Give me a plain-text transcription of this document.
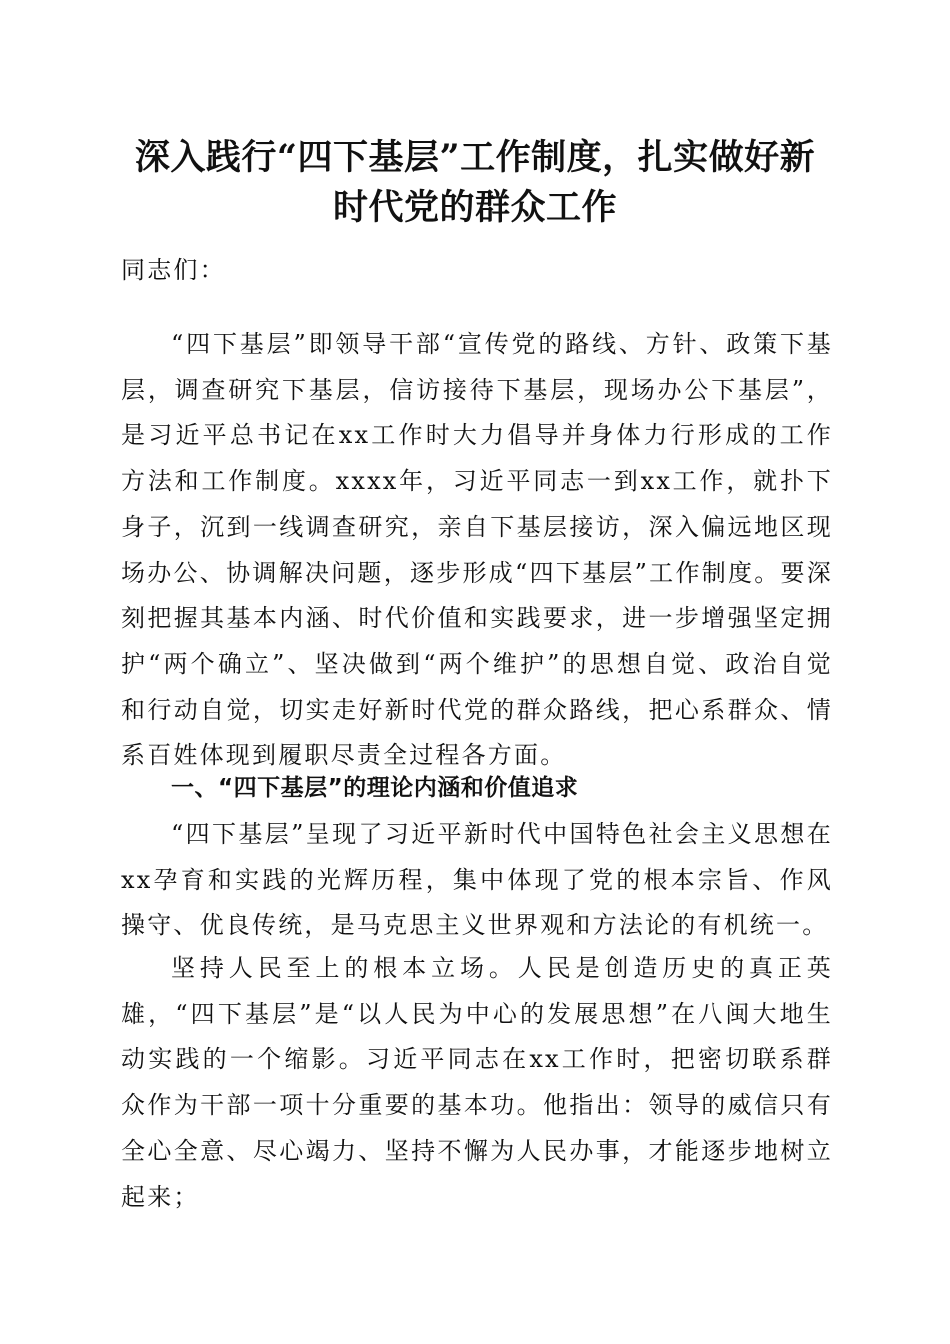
深入践行“四下基层”工作制度，扎实做好新
时代党的群众工作

同志们：

“四下基层”即领导干部“宣传党的路线、方针、政策下基层，调查研究下基层，信访接待下基层，现场办公下基层”，是习近平总书记在xx工作时大力倡导并身体力行形成的工作方法和工作制度。xxxx年，习近平同志一到xx工作，就扑下身子，沉到一线调查研究，亲自下基层接访，深入偏远地区现场办公、协调解决问题，逐步形成“四下基层”工作制度。要深刻把握其基本内涵、时代价值和实践要求，进一步增强坚定拥护“两个确立”、坚决做到“两个维护”的思想自觉、政治自觉和行动自觉，切实走好新时代党的群众路线，把心系群众、情系百姓体现到履职尽责全过程各方面。

一、“四下基层”的理论内涵和价值追求

“四下基层”呈现了习近平新时代中国特色社会主义思想在xx孕育和实践的光辉历程，集中体现了党的根本宗旨、作风操守、优良传统，是马克思主义世界观和方法论的有机统一。

坚持人民至上的根本立场。人民是创造历史的真正英雄，“四下基层”是“以人民为中心的发展思想”在八闽大地生动实践的一个缩影。习近平同志在xx工作时，把密切联系群众作为干部一项十分重要的基本功。他指出：领导的威信只有全心全意、尽心竭力、坚持不懈为人民办事，才能逐步地树立起来；
